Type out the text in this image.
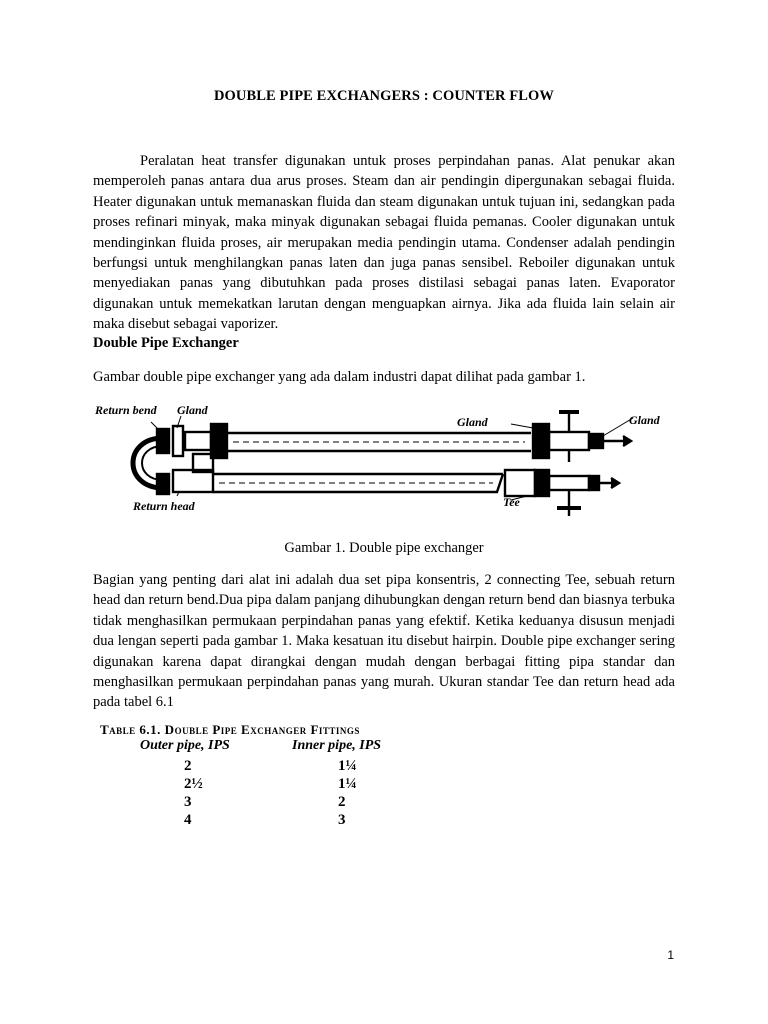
DOUBLE PIPE EXCHANGERS : COUNTER FLOW

Peralatan heat transfer digunakan untuk proses perpindahan panas. Alat penukar akan memperoleh panas antara dua arus proses. Steam dan air pendingin dipergunakan sebagai fluida. Heater digunakan untuk memanaskan fluida dan steam digunakan untuk tujuan ini, sedangkan pada proses refinari minyak, maka minyak digunakan sebagai fluida pemanas. Cooler digunakan untuk mendinginkan fluida proses, air merupakan media pendingin utama. Condenser adalah pendingin berfungsi untuk menghilangkan panas laten dan juga panas sensibel. Reboiler digunakan untuk menyediakan panas yang dibutuhkan pada proses distilasi sebagai panas laten. Evaporator digunakan untuk memekatkan larutan dengan menguapkan airnya. Jika ada fluida lain selain air maka disebut sebagai vaporizer.

Double Pipe Exchanger

Gambar double pipe exchanger yang ada dalam industri dapat dilihat pada gambar 1.

Return bend Gland
Gland	Gland
Return head	Tee
Gambar 1. Double pipe exchanger

Bagian yang penting dari alat ini adalah dua set pipa konsentris, 2 connecting Tee, sebuah return head dan return bend.Dua pipa dalam panjang dihubungkan dengan return bend dan biasnya terbuka tidak menghasilkan permukaan perpindahan panas yang efektif. Ketika keduanya disusun menjadi dua lengan seperti pada gambar 1. Maka kesatuan itu disebut hairpin. Double pipe exchanger sering digunakan karena dapat dirangkai dengan mudah dengan berbagai fitting pipa standar dan menghasilkan permukaan perpindahan panas yang murah. Ukuran standar Tee dan return head ada pada tabel 6.1

Table 6.1. Double Pipe Exchanger Fittings
Outer pipe, IPS	Inner pipe, IPS
2	1¼
2½	1¼
3	2
4	3
1
